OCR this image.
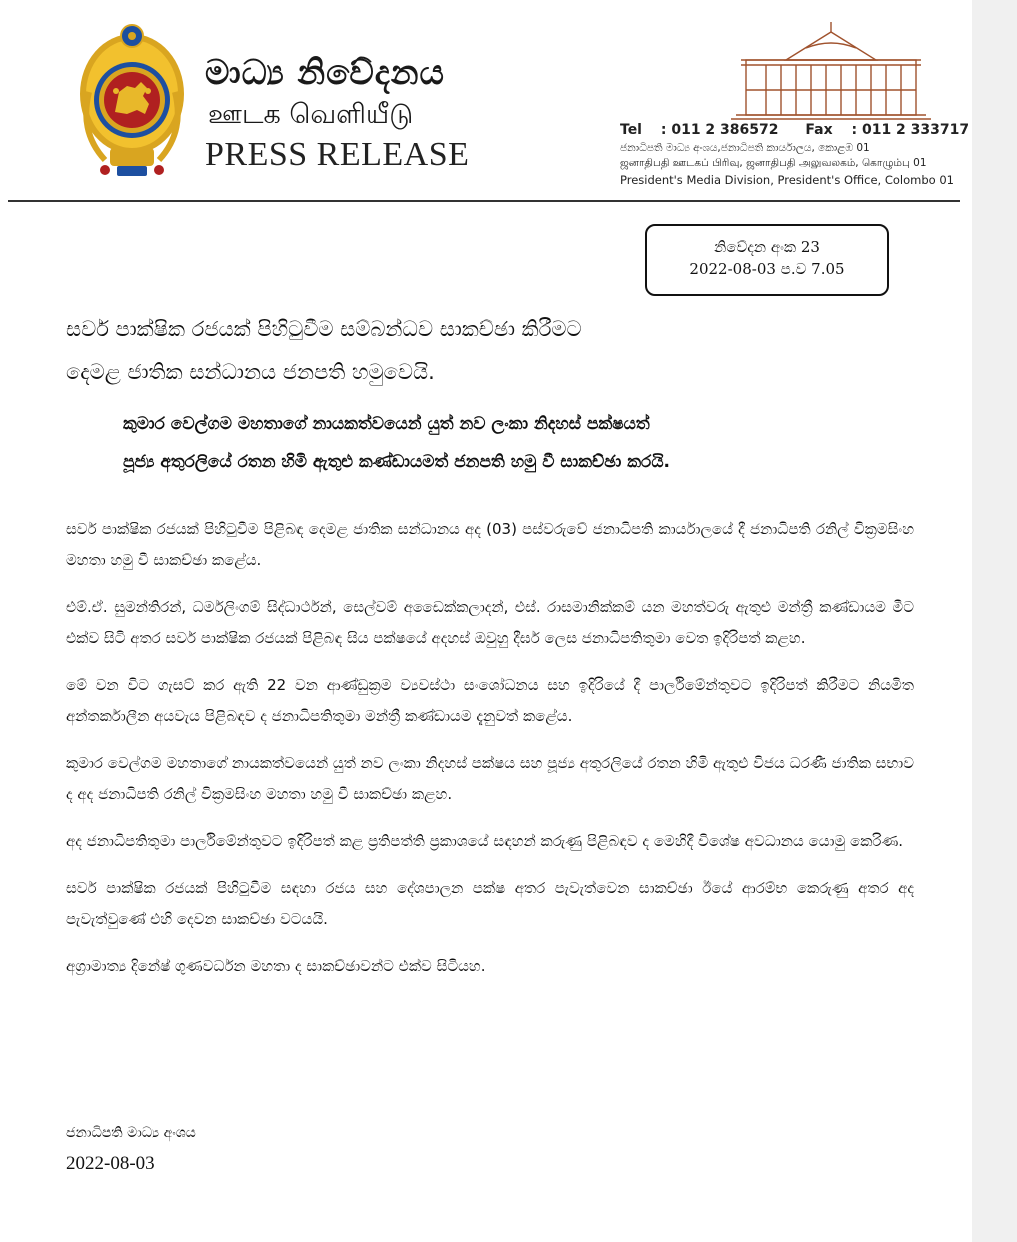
මාධ්‍ය නිවේදනය

ஊடக வெளியீடு

PRESS RELEASE

Tel : 011 2 386572 Fax : 011 2 333717

ජනාධිපති මාධ්‍ය අංශය,ජනාධිපති කාර්යාලය, කොළඹ 01

ஜனாதிபதி ஊடகப் பிரிவு, ஜனாதிபதி அலுவலகம், கொழும்பு 01

President's Media Division, President's Office, Colombo 01

නිවේදන අංක 23
2022-08-03 ප.ව 7.05
සර්ව පාක්ෂික රජයක් පිහිටුවීම සම්බන්ධව සාකච්ඡා කිරීමට
දෙමළ ජාතික සන්ධානය ජනපති හමුවෙයි.
කුමාර වෙල්ගම මහතාගේ නායකත්වයෙන් යුත් නව ලංකා නිදහස් පක්ෂයත්
පූජ්‍ය අතුරලියේ රතන හිමි ඇතුළු කණ්ඩායමත් ජනපති හමු වී සාකච්ඡා කරයි.

සර්ව පාක්ෂික රජයක් පිහිටුවීම පිළිබඳ දෙමළ ජාතික සන්ධානය අද (03) පස්වරුවේ ජනාධිපති කාර්යාලයේ දී ජනාධිපති රනිල් වික්‍රමසිංහ මහතා හමු වී සාකච්ඡා කළේය.

එම්.ඒ. සුමන්තිරන්, ධර්මලිංගම් සිද්ධාර්ථන්, සෙල්වම් අඩෛක්කලාදන්, එස්. රාසමානික්කම් යන මහත්වරු ඇතුළු මන්ත්‍රී කණ්ඩායම මීට එක්ව සිටි අතර සර්ව පාක්ෂික රජයක් පිළිබඳ සිය පක්ෂයේ අදහස් ඔවුහු දීර්ඝ ලෙස ජනාධිපතිතුමා වෙත ඉදිරිපත් කළහ.

මේ වන විට ගැසට් කර ඇති 22 වන ආණ්ඩුක්‍රම ව්‍යවස්ථා සංශෝධනය සහ ඉදිරියේ දී පාර්ලිමේන්තුවට ඉදිරිපත් කිරීමට නියමිත අන්තර්කාලීන අයවැය පිළිබඳව ද ජනාධිපතිතුමා මන්ත්‍රී කණ්ඩායම දැනුවත් කළේය.

කුමාර වෙල්ගම මහතාගේ නායකත්වයෙන් යුත් නව ලංකා නිදහස් පක්ෂය සහ පූජ්‍ය අතුරලියේ රතන හිමි ඇතුළු විජය ධරණී ජාතික සභාව ද අද ජනාධිපති රනිල් වික්‍රමසිංහ මහතා හමු වී සාකච්ඡා කළහ.

අද ජනාධිපතිතුමා පාර්ලිමේන්තුවට ඉදිරිපත් කළ ප්‍රතිපත්ති ප්‍රකාශයේ සඳහන් කරුණු පිළිබඳව ද මෙහිදී විශේෂ අවධානය යොමු කෙරිණ.

සර්ව පාක්ෂික රජයක් පිහිටුවීම සඳහා රජය සහ දේශපාලන පක්ෂ අතර පැවැත්වෙන සාකච්ඡා ඊයේ ආරම්භ කෙරුණු අතර අද පැවැත්වුණේ එහි දෙවන සාකච්ඡා වටයයි.

අග්‍රාමාත්‍ය දිනේෂ් ගුණවර්ධන මහතා ද සාකච්ඡාවන්ට එක්ව සිටියහ.

ජනාධිපති මාධ්‍ය අංශය

2022-08-03
